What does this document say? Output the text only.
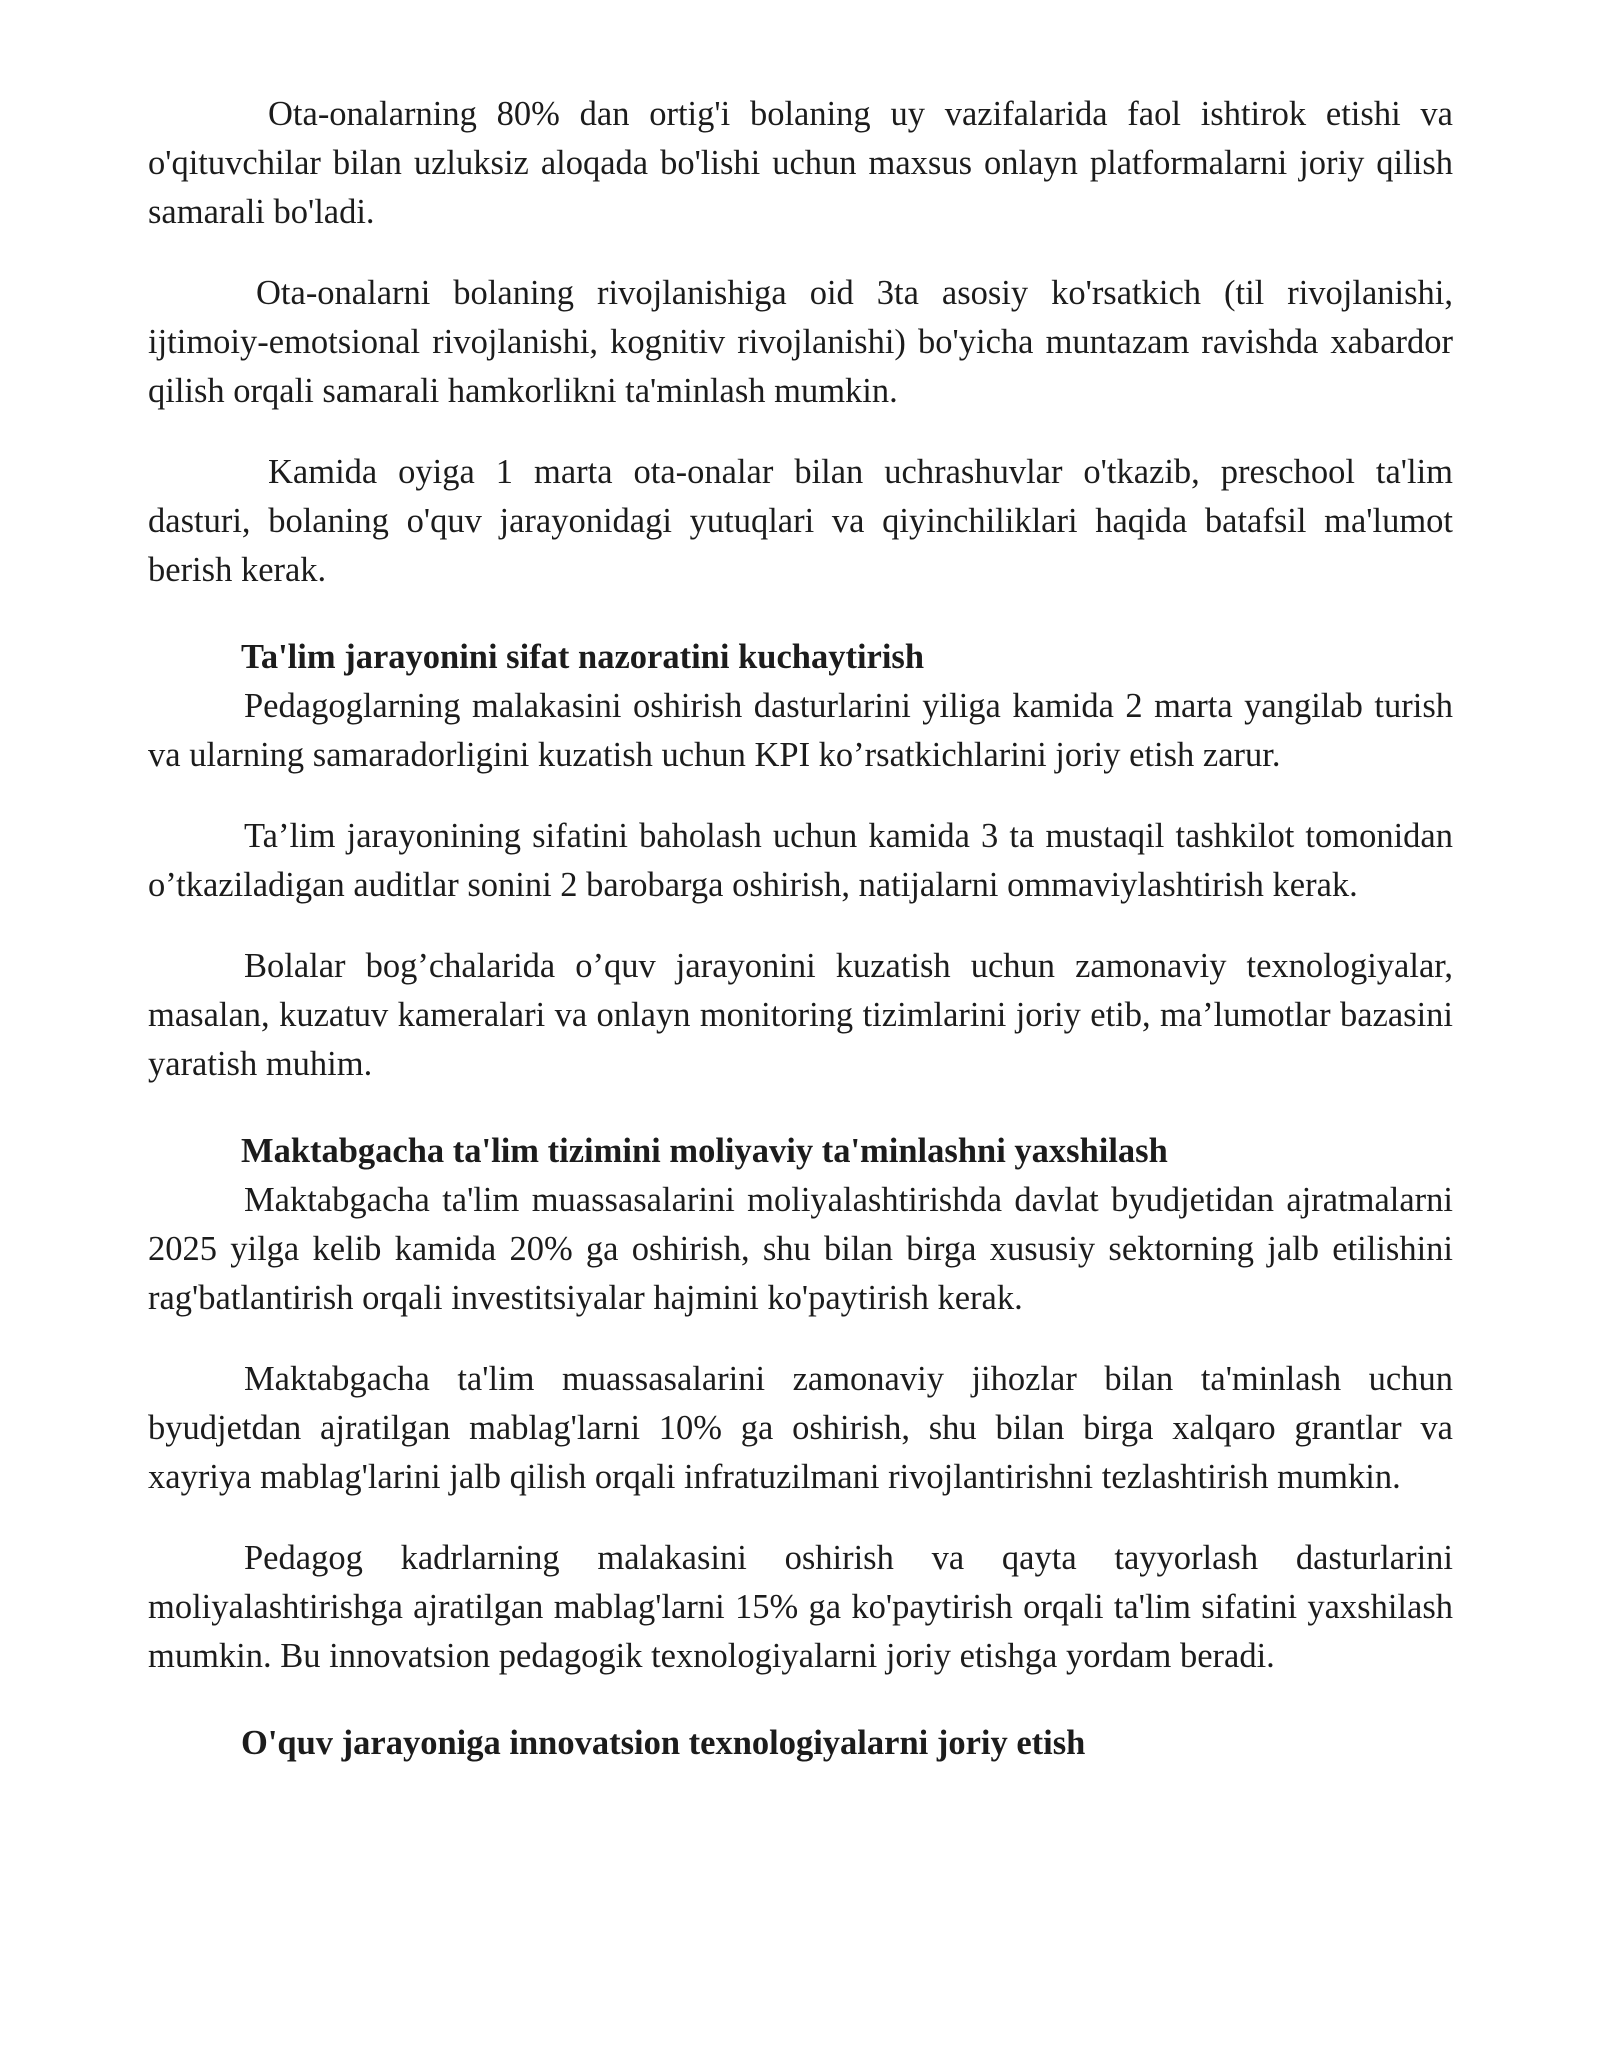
Ota-onalarning 80% dan ortig'i bolaning uy vazifalarida faol ishtirok etishi va o'qituvchilar bilan uzluksiz aloqada bo'lishi uchun maxsus onlayn platformalarni joriy qilish samarali bo'ladi.

Ota-onalarni bolaning rivojlanishiga oid 3ta asosiy ko'rsatkich (til rivojlanishi, ijtimoiy-emotsional rivojlanishi, kognitiv rivojlanishi) bo'yicha muntazam ravishda xabardor qilish orqali samarali hamkorlikni ta'minlash mumkin.

Kamida oyiga 1 marta ota-onalar bilan uchrashuvlar o'tkazib, preschool ta'lim dasturi, bolaning o'quv jarayonidagi yutuqlari va qiyinchiliklari haqida batafsil ma'lumot berish kerak.

Ta'lim jarayonini sifat nazoratini kuchaytirish

Pedagoglarning malakasini oshirish dasturlarini yiliga kamida 2 marta yangilab turish va ularning samaradorligini kuzatish uchun KPI ko’rsatkichlarini joriy etish zarur.

Ta’lim jarayonining sifatini baholash uchun kamida 3 ta mustaqil tashkilot tomonidan o’tkaziladigan auditlar sonini 2 barobarga oshirish, natijalarni ommaviylashtirish kerak.

Bolalar bog’chalarida o’quv jarayonini kuzatish uchun zamonaviy texnologiyalar, masalan, kuzatuv kameralari va onlayn monitoring tizimlarini joriy etib, ma’lumotlar bazasini yaratish muhim.

Maktabgacha ta'lim tizimini moliyaviy ta'minlashni yaxshilash

Maktabgacha ta'lim muassasalarini moliyalashtirishda davlat byudjetidan ajratmalarni 2025 yilga kelib kamida 20% ga oshirish, shu bilan birga xususiy sektorning jalb etilishini rag'batlantirish orqali investitsiyalar hajmini ko'paytirish kerak.

Maktabgacha ta'lim muassasalarini zamonaviy jihozlar bilan ta'minlash uchun byudjetdan ajratilgan mablag'larni 10% ga oshirish, shu bilan birga xalqaro grantlar va xayriya mablag'larini jalb qilish orqali infratuzilmani rivojlantirishni tezlashtirish mumkin.

Pedagog kadrlarning malakasini oshirish va qayta tayyorlash dasturlarini moliyalashtirishga ajratilgan mablag'larni 15% ga ko'paytirish orqali ta'lim sifatini yaxshilash mumkin. Bu innovatsion pedagogik texnologiyalarni joriy etishga yordam beradi.

O'quv jarayoniga innovatsion texnologiyalarni joriy etish
